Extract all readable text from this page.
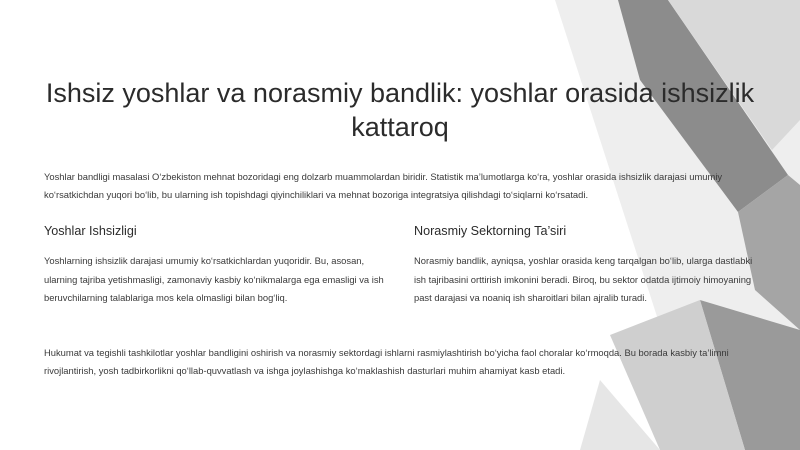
Ishsiz yoshlar va norasmiy bandlik: yoshlar orasida ishsizlik kattaroq

Yoshlar bandligi masalasi O‘zbekiston mehnat bozoridagi eng dolzarb muammolardan biridir. Statistik ma’lumotlarga ko‘ra, yoshlar orasida ishsizlik darajasi umumiy ko‘rsatkichdan yuqori bo‘lib, bu ularning ish topishdagi qiyinchiliklari va mehnat bozoriga integratsiya qilishdagi to‘siqlarni ko‘rsatadi.

Yoshlar Ishsizligi

Yoshlarning ishsizlik darajasi umumiy ko‘rsatkichlardan yuqoridir. Bu, asosan, ularning tajriba yetishmasligi, zamonaviy kasbiy ko‘nikmalarga ega emasligi va ish beruvchilarning talablariga mos kela olmasligi bilan bog‘liq.

Norasmiy Sektorning Ta’siri

Norasmiy bandlik, ayniqsa, yoshlar orasida keng tarqalgan bo‘lib, ularga dastlabki ish tajribasini orttirish imkonini beradi. Biroq, bu sektor odatda ijtimoiy himoyaning past darajasi va noaniq ish sharoitlari bilan ajralib turadi.

Hukumat va tegishli tashkilotlar yoshlar bandligini oshirish va norasmiy sektordagi ishlarni rasmiylashtirish bo‘yicha faol choralar ko‘rmoqda. Bu borada kasbiy ta’limni rivojlantirish, yosh tadbirkorlikni qo‘llab-quvvatlash va ishga joylashishga ko‘maklashish dasturlari muhim ahamiyat kasb etadi.
